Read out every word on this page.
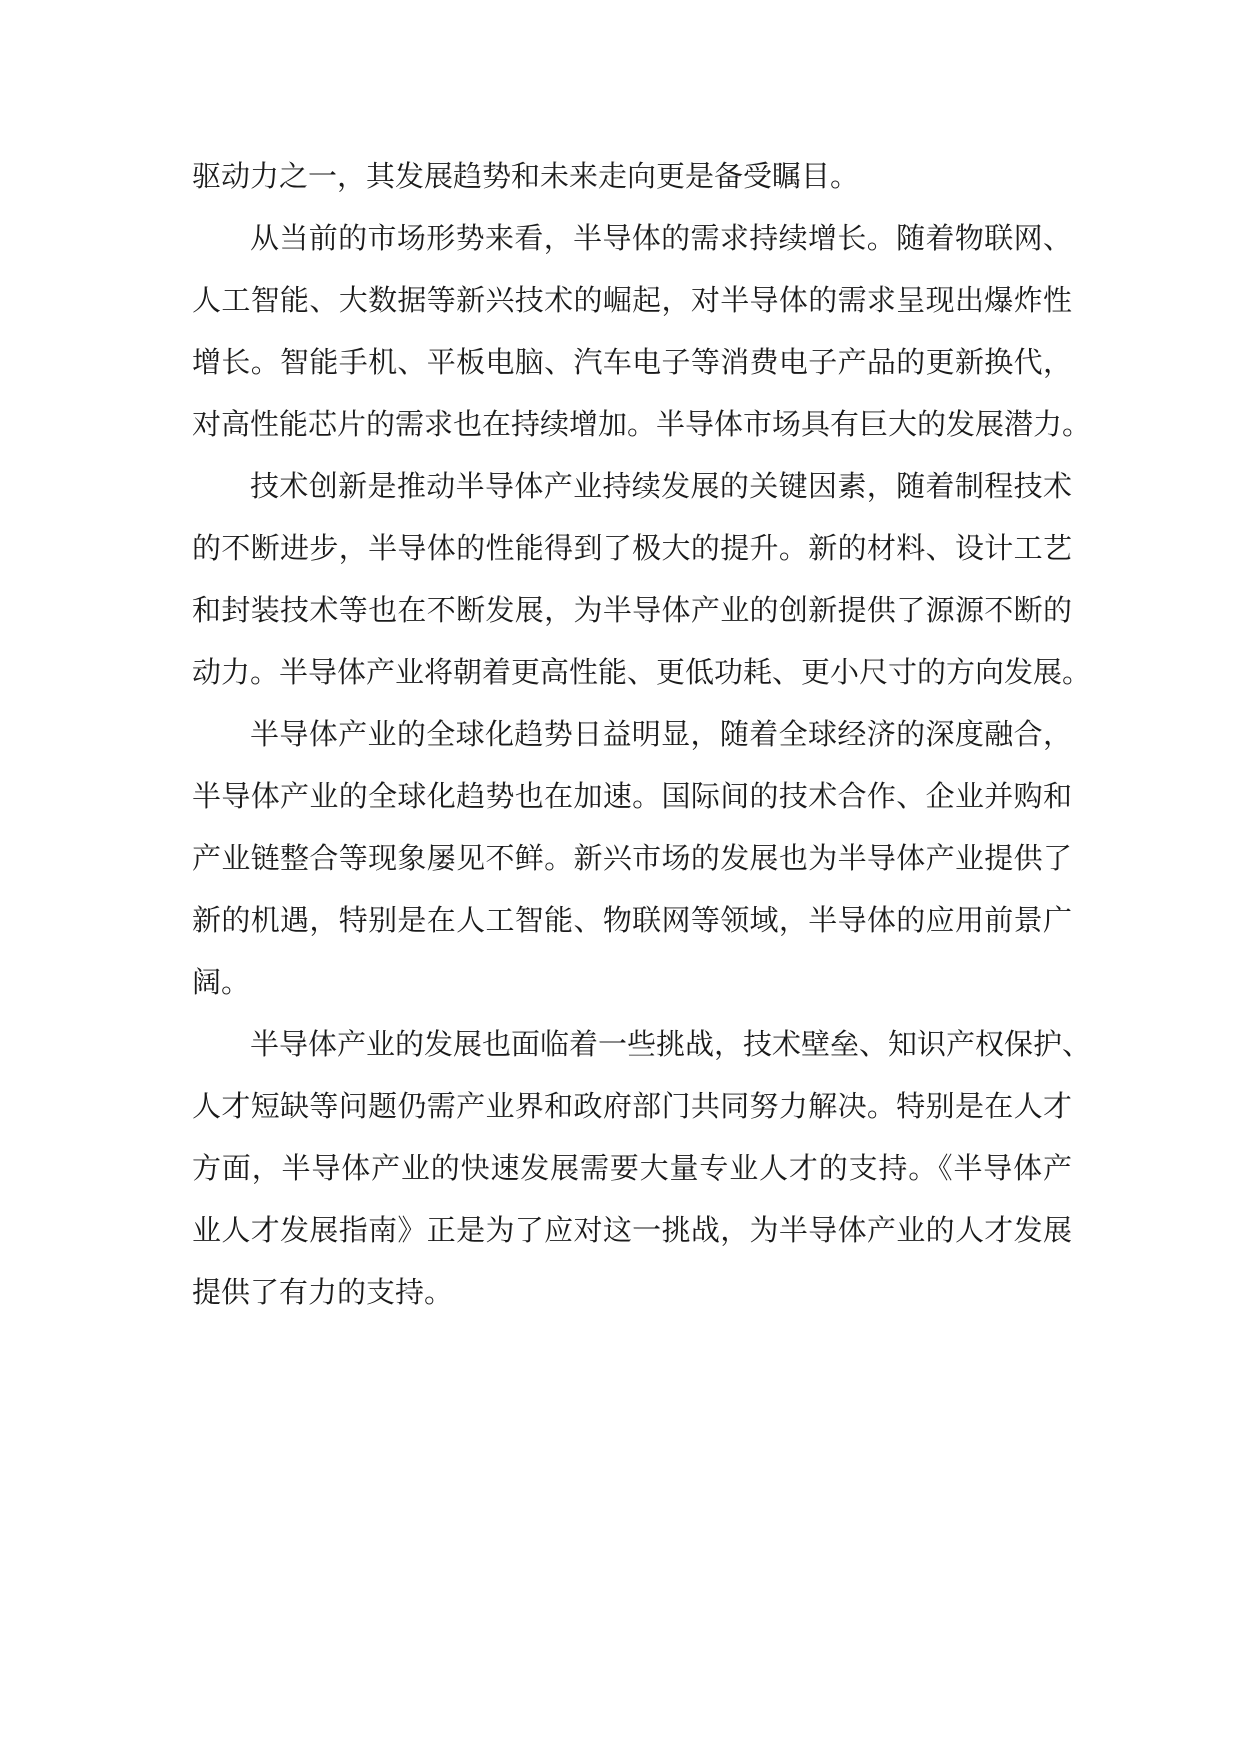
驱动力之一，其发展趋势和未来走向更是备受瞩目。
从当前的市场形势来看，半导体的需求持续增长。随着物联网、
人工智能、大数据等新兴技术的崛起，对半导体的需求呈现出爆炸性
增长。智能手机、平板电脑、汽车电子等消费电子产品的更新换代，
对高性能芯片的需求也在持续增加。半导体市场具有巨大的发展潜力。
技术创新是推动半导体产业持续发展的关键因素，随着制程技术
的不断进步，半导体的性能得到了极大的提升。新的材料、设计工艺
和封装技术等也在不断发展，为半导体产业的创新提供了源源不断的
动力。半导体产业将朝着更高性能、更低功耗、更小尺寸的方向发展。
半导体产业的全球化趋势日益明显，随着全球经济的深度融合，
半导体产业的全球化趋势也在加速。国际间的技术合作、企业并购和
产业链整合等现象屡见不鲜。新兴市场的发展也为半导体产业提供了
新的机遇，特别是在人工智能、物联网等领域，半导体的应用前景广
阔。
半导体产业的发展也面临着一些挑战，技术壁垒、知识产权保护、
人才短缺等问题仍需产业界和政府部门共同努力解决。特别是在人才
方面，半导体产业的快速发展需要大量专业人才的支持。《半导体产
业人才发展指南》正是为了应对这一挑战，为半导体产业的人才发展
提供了有力的支持。
